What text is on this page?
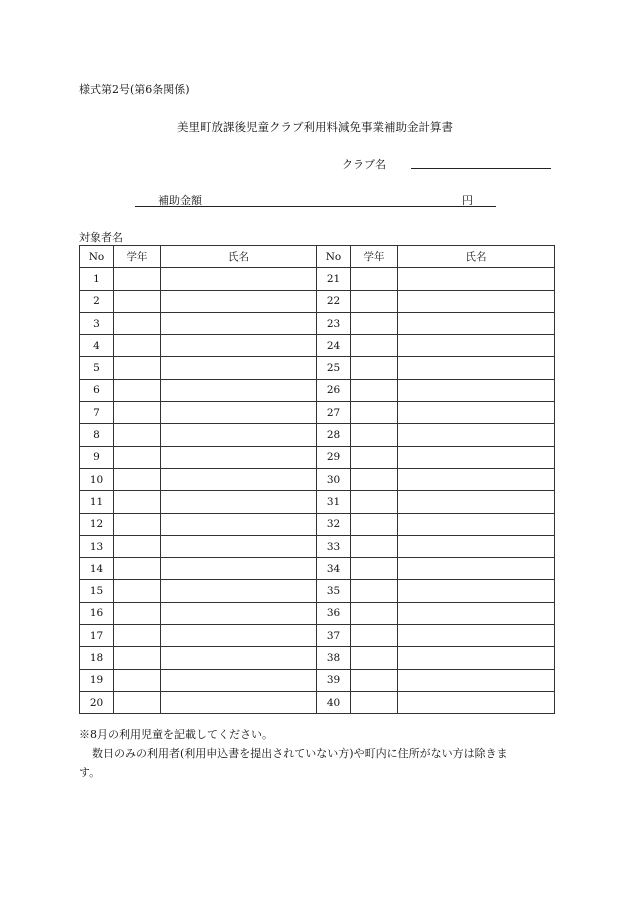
様式第2号(第6条関係)
美里町放課後児童クラブ利用料減免事業補助金計算書
クラブ名
補助金額	円
対象者名
No	学年	氏名	No	学年	氏名
1			21		
2			22		
3			23		
4			24		
5			25		
6			26		
7			27		
8			28		
9			29		
10			30		
11			31		
12			32		
13			33		
14			34		
15			35		
16			36		
17			37		
18			38		
19			39		
20			40		
※8月の利用児童を記載してください。
数日のみの利用者(利用申込書を提出されていない方)や町内に住所がない方は除きま
す。
